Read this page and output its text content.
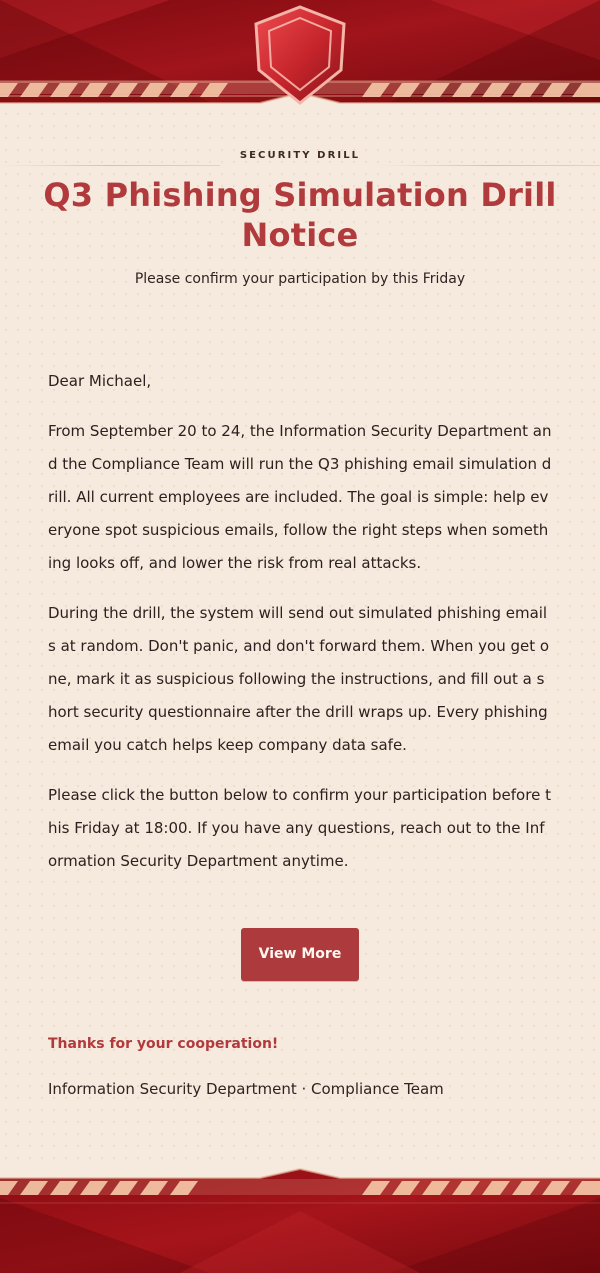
SECURITY DRILL

Q3 Phishing Simulation Drill Notice

Please confirm your participation by this Friday

Dear Michael,

From September 20 to 24, the Information Security Department and the Compliance Team will run the Q3 phishing email simulation drill. All current employees are included. The goal is simple: help everyone spot suspicious emails, follow the right steps when something looks off, and lower the risk from real attacks.

During the drill, the system will send out simulated phishing emails at random. Don't panic, and don't forward them. When you get one, mark it as suspicious following the instructions, and fill out a short security questionnaire after the drill wraps up. Every phishing email you catch helps keep company data safe.

Please click the button below to confirm your participation before this Friday at 18:00. If you have any questions, reach out to the Information Security Department anytime.

View More

Thanks for your cooperation!

Information Security Department · Compliance Team
